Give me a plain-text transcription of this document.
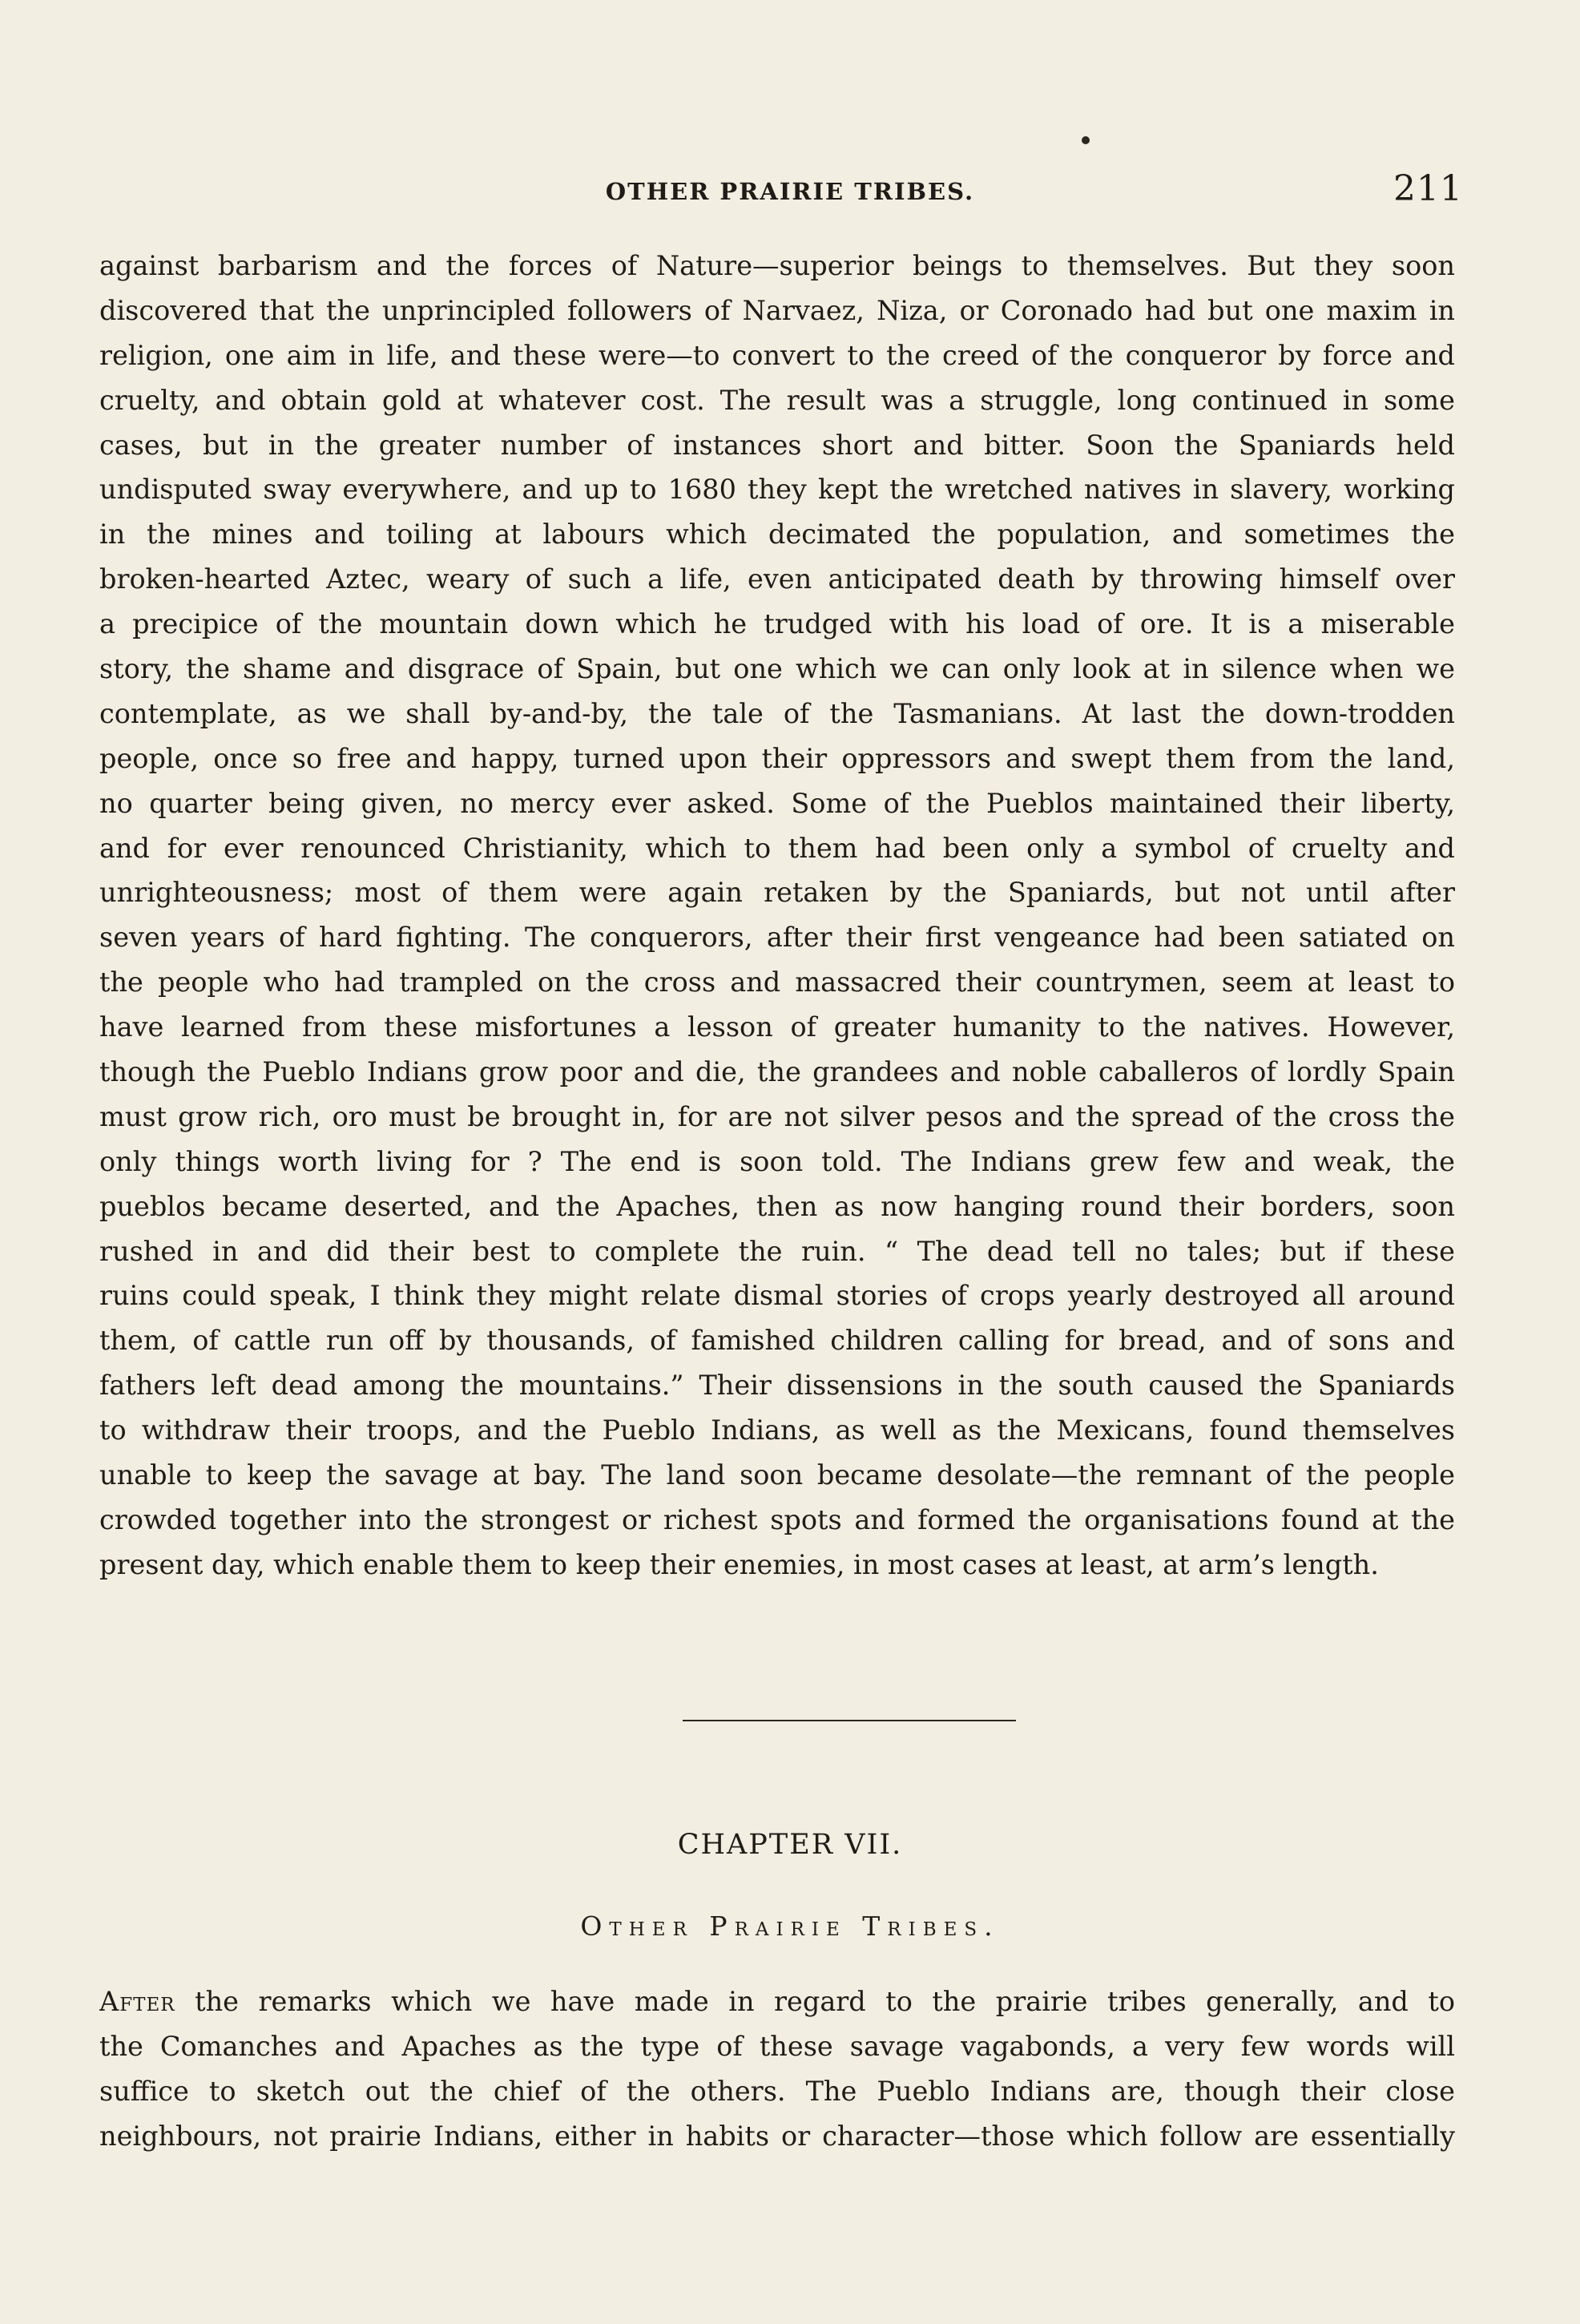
OTHER PRAIRIE TRIBES.	211
against barbarism and the forces of Nature—superior beings to themselves. But they soon
discovered that the unprincipled followers of Narvaez, Niza, or Coronado had but one maxim in
religion, one aim in life, and these were—to convert to the creed of the conqueror by force and
cruelty, and obtain gold at whatever cost. The result was a struggle, long continued in some
cases, but in the greater number of instances short and bitter. Soon the Spaniards held
undisputed sway everywhere, and up to 1680 they kept the wretched natives in slavery, working
in the mines and toiling at labours which decimated the population, and sometimes the
broken-hearted Aztec, weary of such a life, even anticipated death by throwing himself over
a precipice of the mountain down which he trudged with his load of ore. It is a miserable
story, the shame and disgrace of Spain, but one which we can only look at in silence when we
contemplate, as we shall by-and-by, the tale of the Tasmanians. At last the down-trodden
people, once so free and happy, turned upon their oppressors and swept them from the land,
no quarter being given, no mercy ever asked. Some of the Pueblos maintained their liberty,
and for ever renounced Christianity, which to them had been only a symbol of cruelty and
unrighteousness; most of them were again retaken by the Spaniards, but not until after
seven years of hard fighting. The conquerors, after their first vengeance had been satiated on
the people who had trampled on the cross and massacred their countrymen, seem at least to
have learned from these misfortunes a lesson of greater humanity to the natives. However,
though the Pueblo Indians grow poor and die, the grandees and noble caballeros of lordly Spain
must grow rich, oro must be brought in, for are not silver pesos and the spread of the cross the
only things worth living for ? The end is soon told. The Indians grew few and weak, the
pueblos became deserted, and the Apaches, then as now hanging round their borders, soon
rushed in and did their best to complete the ruin. “ The dead tell no tales; but if these
ruins could speak, I think they might relate dismal stories of crops yearly destroyed all around
them, of cattle run off by thousands, of famished children calling for bread, and of sons and
fathers left dead among the mountains.” Their dissensions in the south caused the Spaniards
to withdraw their troops, and the Pueblo Indians, as well as the Mexicans, found themselves
unable to keep the savage at bay. The land soon became desolate—the remnant of the people
crowded together into the strongest or richest spots and formed the organisations found at the
present day, which enable them to keep their enemies, in most cases at least, at arm’s length.
CHAPTER VII.
Other Prairie Tribes.
After the remarks which we have made in regard to the prairie tribes generally, and to
the Comanches and Apaches as the type of these savage vagabonds, a very few words will
suffice to sketch out the chief of the others. The Pueblo Indians are, though their close
neighbours, not prairie Indians, either in habits or character—those which follow are essentially
